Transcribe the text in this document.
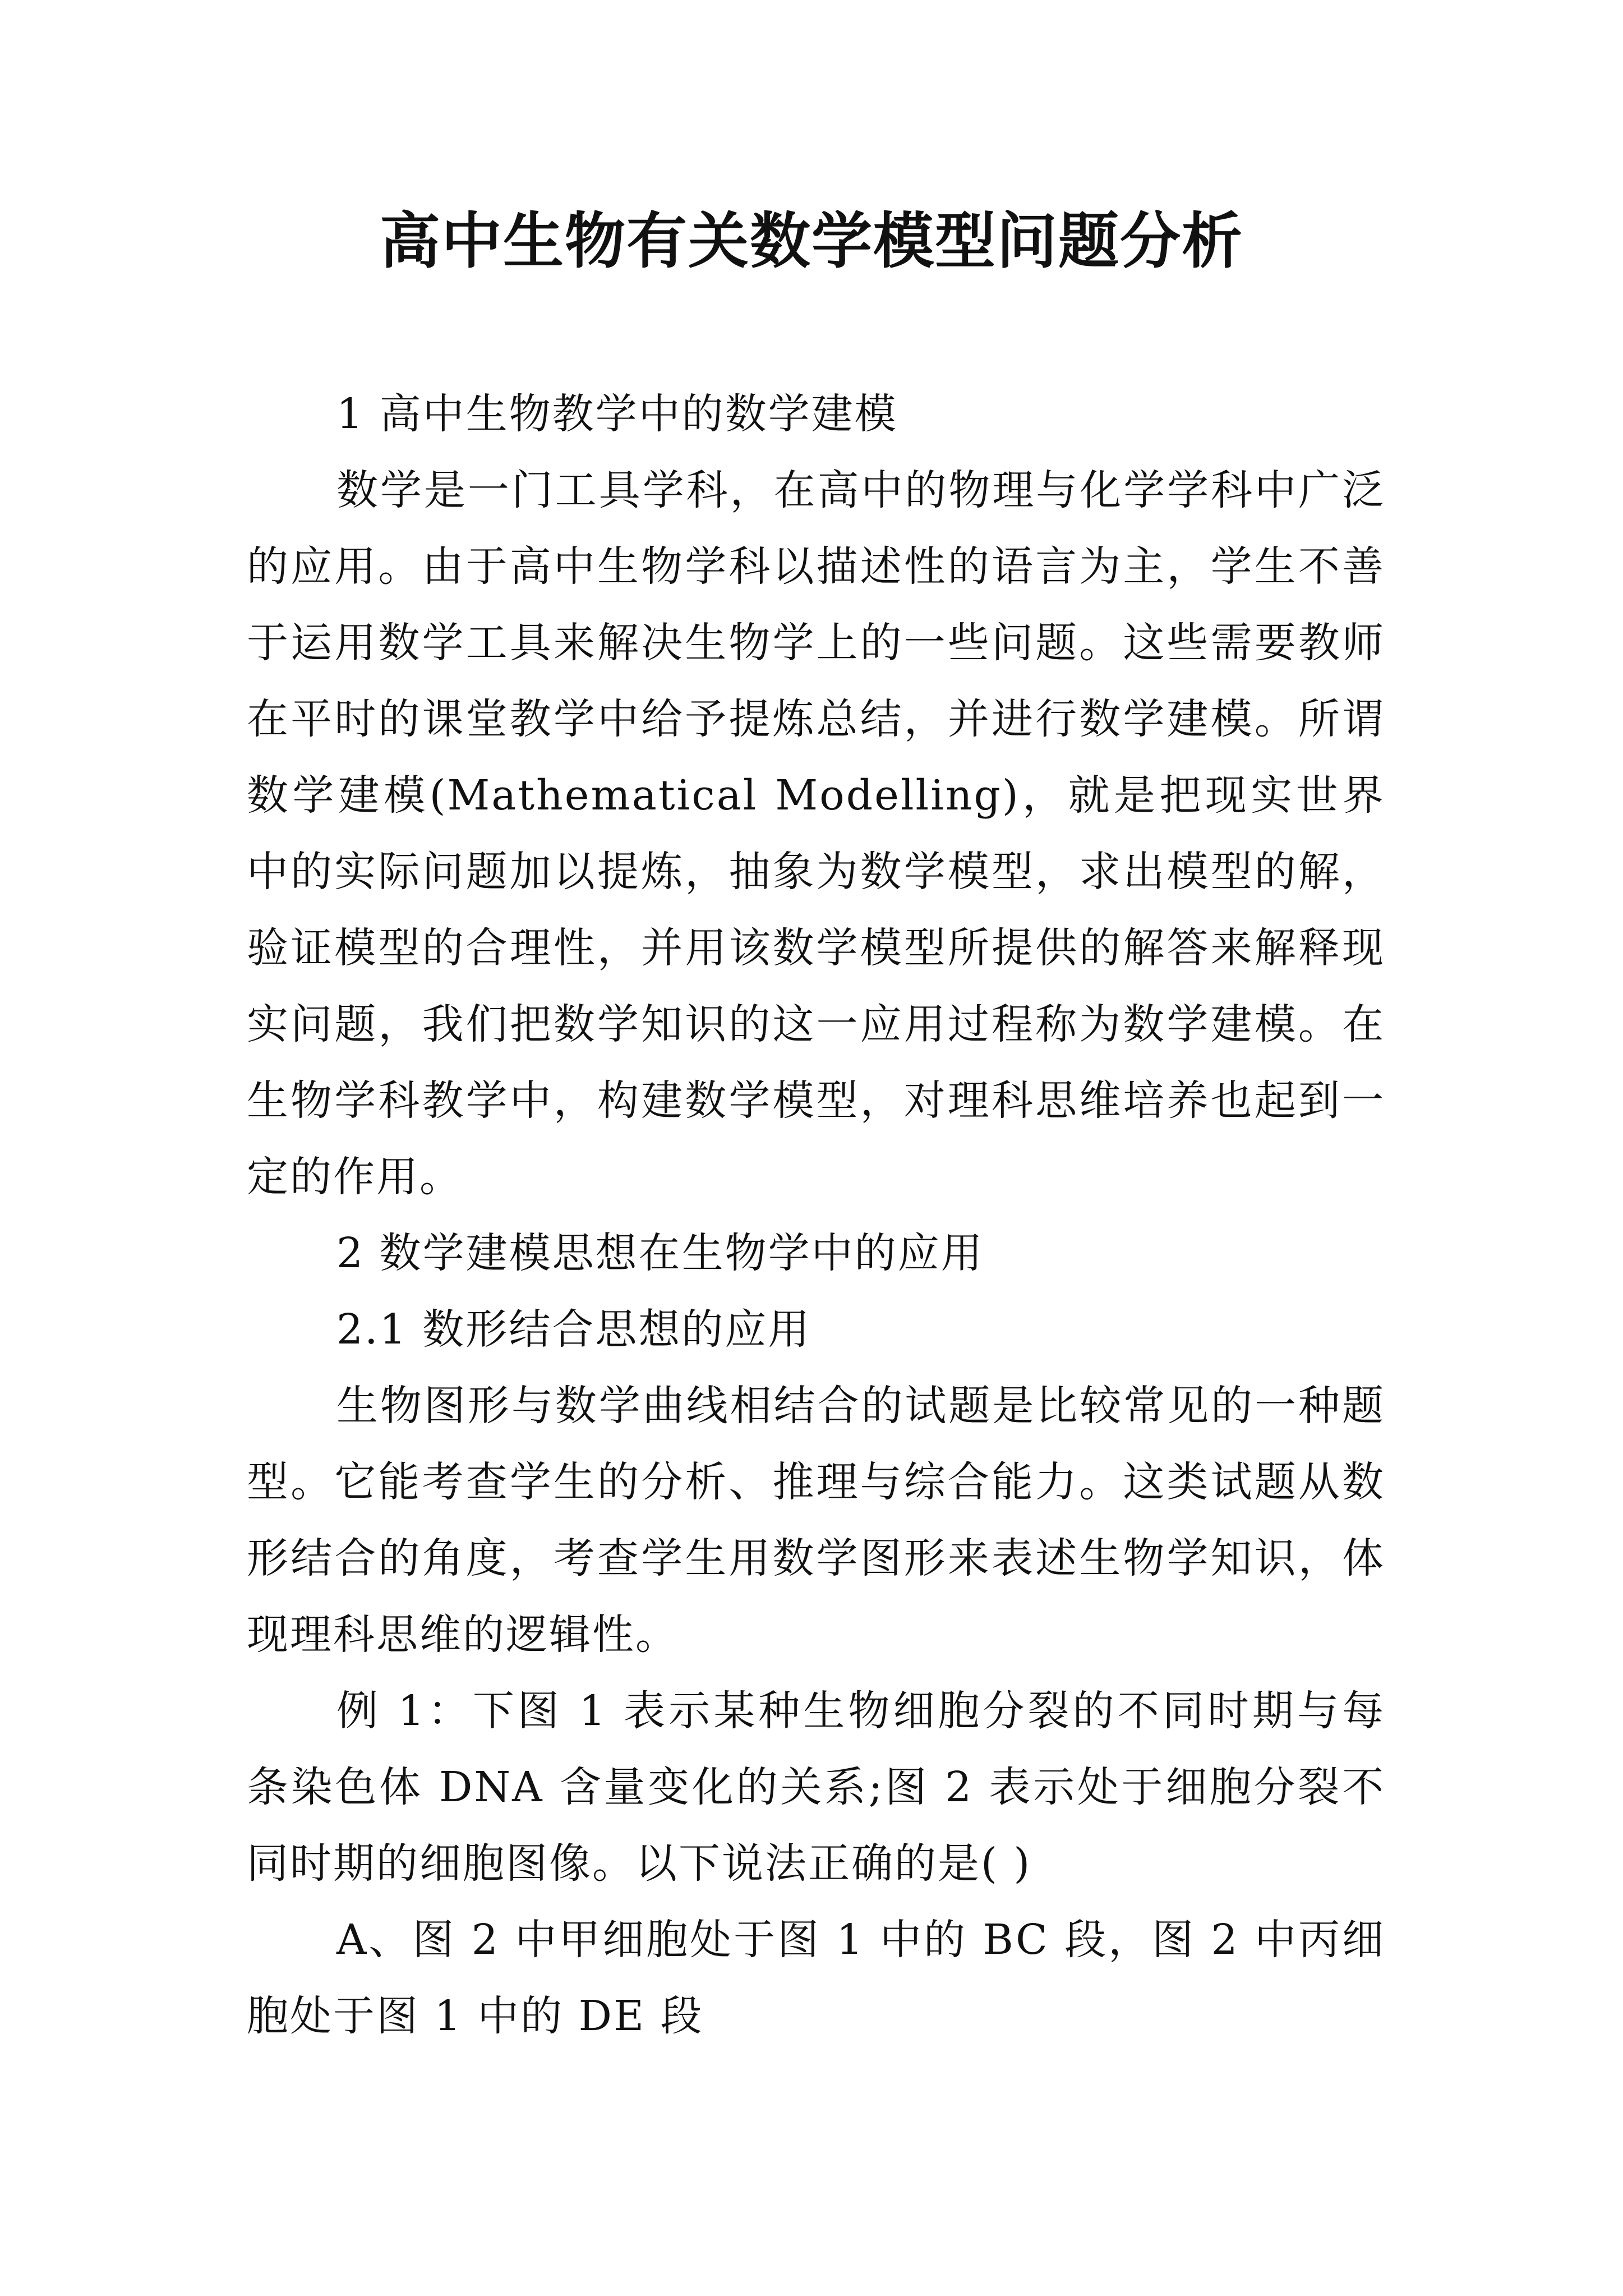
高中生物有关数学模型问题分析

1 高中生物教学中的数学建模

数学是一门工具学科，在高中的物理与化学学科中广泛的应用。由于高中生物学科以描述性的语言为主，学生不善于运用数学工具来解决生物学上的一些问题。这些需要教师在平时的课堂教学中给予提炼总结，并进行数学建模。所谓数学建模(Mathematical Modelling)，就是把现实世界中的实际问题加以提炼，抽象为数学模型，求出模型的解，验证模型的合理性，并用该数学模型所提供的解答来解释现实问题，我们把数学知识的这一应用过程称为数学建模。在生物学科教学中，构建数学模型，对理科思维培养也起到一定的作用。

2 数学建模思想在生物学中的应用

2.1 数形结合思想的应用

生物图形与数学曲线相结合的试题是比较常见的一种题型。它能考查学生的分析、推理与综合能力。这类试题从数形结合的角度，考查学生用数学图形来表述生物学知识，体现理科思维的逻辑性。

例 1：下图 1 表示某种生物细胞分裂的不同时期与每条染色体 DNA 含量变化的关系;图 2 表示处于细胞分裂不同时期的细胞图像。以下说法正确的是( )

A、图 2 中甲细胞处于图 1 中的 BC 段，图 2 中丙细胞处于图 1 中的 DE 段
